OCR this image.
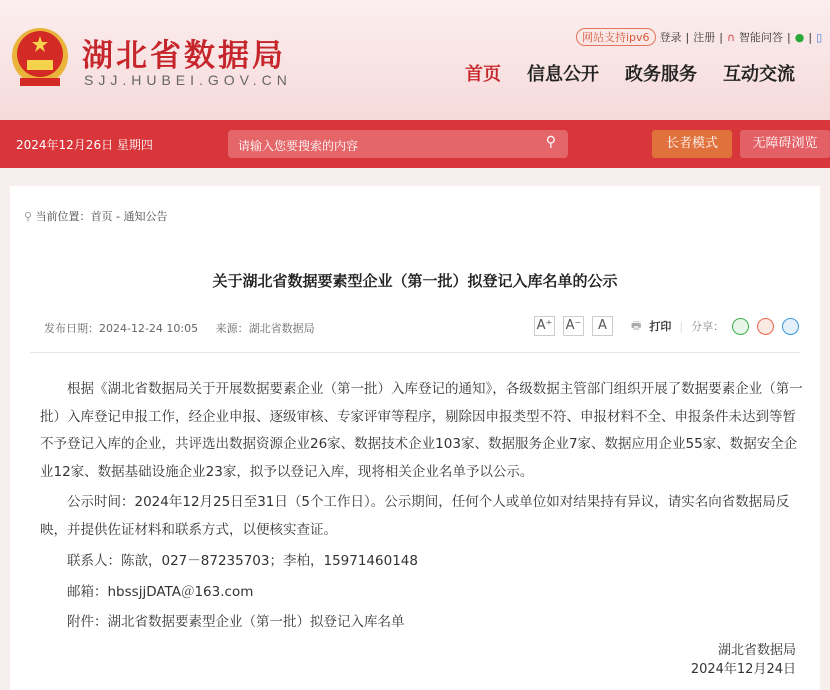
湖北省数据局
SJJ.HUBEI.GOV.CN
网站支持ipv6 登录 | 注册 | ∩ 智能问答 | ● | ▯
首页 信息公开 政务服务 互动交流
2024年12月26日 星期四	请输入您要搜索的内容	⚲	长者模式	无障碍浏览
⚲ 当前位置：首页 - 通知公告
关于湖北省数据要素型企业（第一批）拟登记入库名单的公示
发布日期：2024-12-24 10:05 来源：湖北省数据局	A⁺ A⁻	A	🖶 打印 | 分享：

根据《湖北省数据局关于开展数据要素企业（第一批）入库登记的通知》，各级数据主管部门组织开展了数据要素企业（第一批）入库登记申报工作，经企业申报、逐级审核、专家评审等程序，剔除因申报类型不符、申报材料不全、申报条件未达到等暂不予登记入库的企业，共评选出数据资源企业26家、数据技术企业103家、数据服务企业7家、数据应用企业55家、数据安全企业12家、数据基础设施企业23家，拟予以登记入库，现将相关企业名单予以公示。

公示时间：2024年12月25日至31日（5个工作日）。公示期间，任何个人或单位如对结果持有异议，请实名向省数据局反映，并提供佐证材料和联系方式，以便核实查证。

联系人：陈歆，027－87235703；李柏，15971460148

邮箱：hbssjjDATA＠163.com

附件：湖北省数据要素型企业（第一批）拟登记入库名单

湖北省数据局
2024年12月24日
